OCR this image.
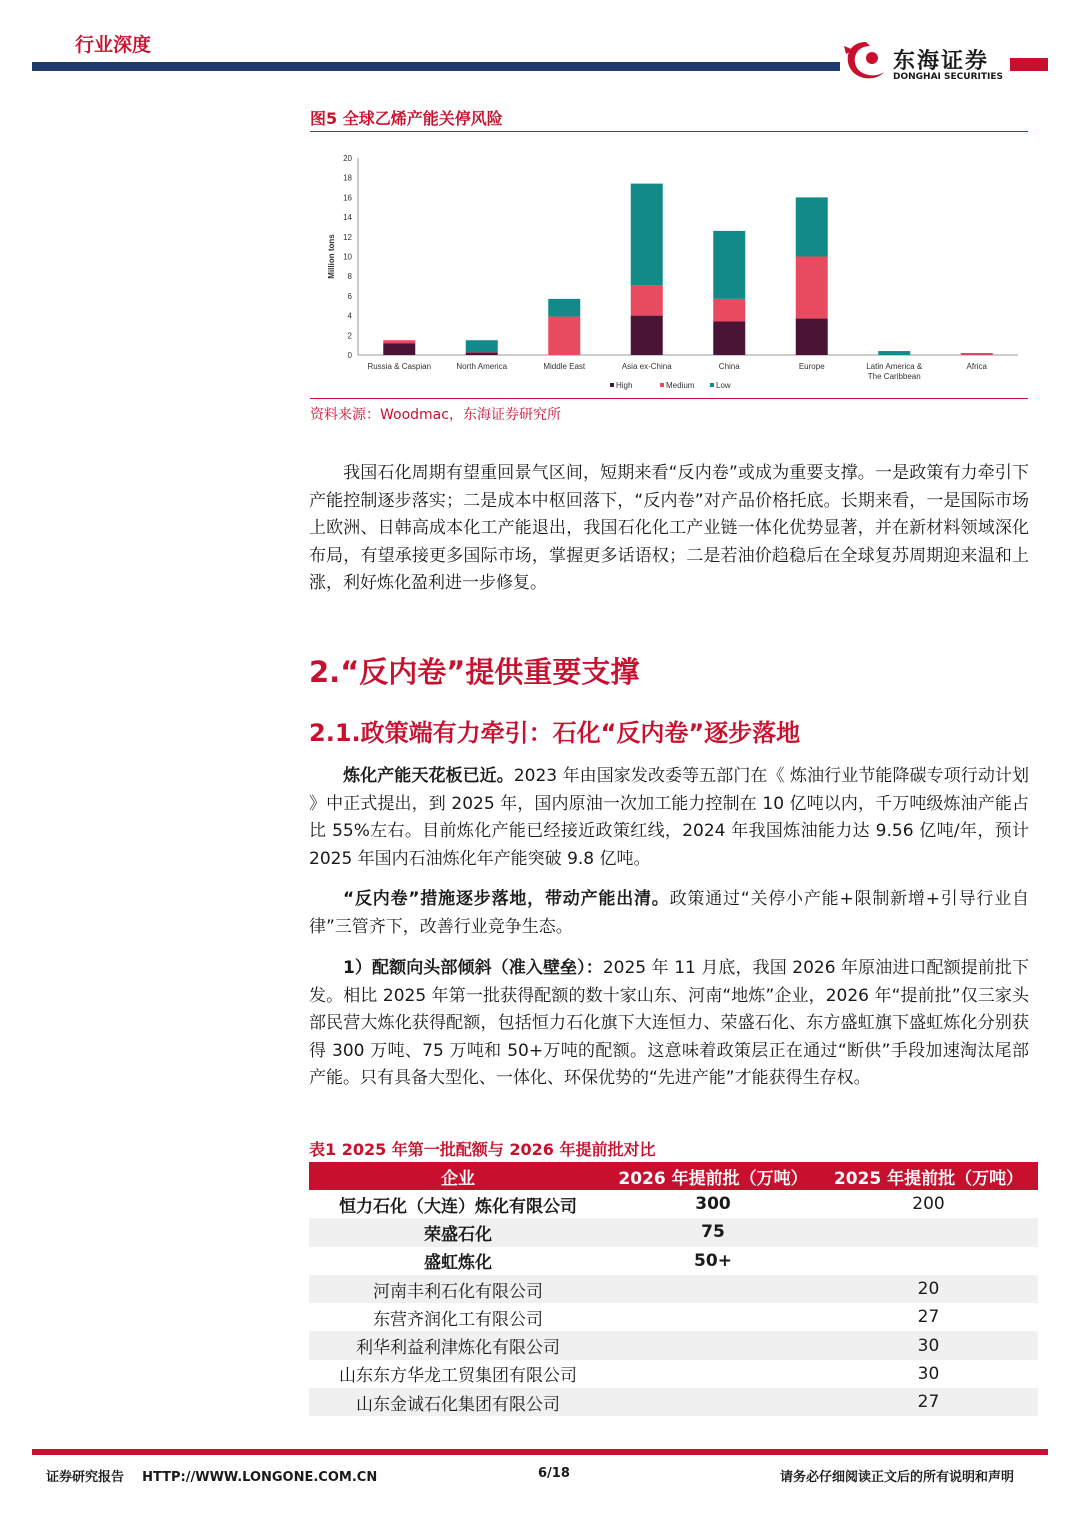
行业深度
东海证券
DONGHAI SECURITIES
图5 全球乙烯产能关停风险
0
2
4
6
8
10
12
14
16
18
20
Million tons
Russia & Caspian	North America	Middle East	Asia ex-China	China	Europe	Latin America &
The Caribbean
Africa
High	Medium	Low
资料来源：Woodmac，东海证券研究所
我国石化周期有望重回景气区间，短期来看“反内卷”或成为重要支撑。一是政策有力牵引下产能控制逐步落实；二是成本中枢回落下，“反内卷”对产品价格托底。长期来看，一是国际市场上欧洲、日韩高成本化工产能退出，我国石化化工产业链一体化优势显著，并在新材料领域深化布局，有望承接更多国际市场，掌握更多话语权；二是若油价趋稳后在全球复苏周期迎来温和上涨，利好炼化盈利进一步修复。
2.“反内卷”提供重要支撑
2.1.政策端有力牵引：石化“反内卷”逐步落地
炼化产能天花板已近。2023 年由国家发改委等五部门在《 炼油行业节能降碳专项行动计划 》中正式提出，到 2025 年，国内原油一次加工能力控制在 10 亿吨以内，千万吨级炼油产能占比 55%左右。目前炼化产能已经接近政策红线，2024 年我国炼油能力达 9.56 亿吨/年，预计 2025 年国内石油炼化年产能突破 9.8 亿吨。
“反内卷”措施逐步落地，带动产能出清。政策通过“关停小产能+限制新增+引导行业自律”三管齐下，改善行业竞争生态。
1）配额向头部倾斜（准入壁垒）：2025 年 11 月底，我国 2026 年原油进口配额提前批下发。相比 2025 年第一批获得配额的数十家山东、河南“地炼”企业，2026 年“提前批”仅三家头部民营大炼化获得配额，包括恒力石化旗下大连恒力、荣盛石化、东方盛虹旗下盛虹炼化分别获得 300 万吨、75 万吨和 50+万吨的配额。这意味着政策层正在通过“断供”手段加速淘汰尾部产能。只有具备大型化、一体化、环保优势的“先进产能”才能获得生存权。
表1 2025 年第一批配额与 2026 年提前批对比
企业	2026 年提前批（万吨）	2025 年提前批（万吨）
恒力石化（大连）炼化有限公司	300	200
荣盛石化	75	
盛虹炼化	50+	
河南丰利石化有限公司		20
东营齐润化工有限公司		27
利华利益利津炼化有限公司		30
山东东方华龙工贸集团有限公司		30
山东金诚石化集团有限公司		27
证券研究报告    HTTP://WWW.LONGONE.COM.CN	6/18	请务必仔细阅读正文后的所有说明和声明
